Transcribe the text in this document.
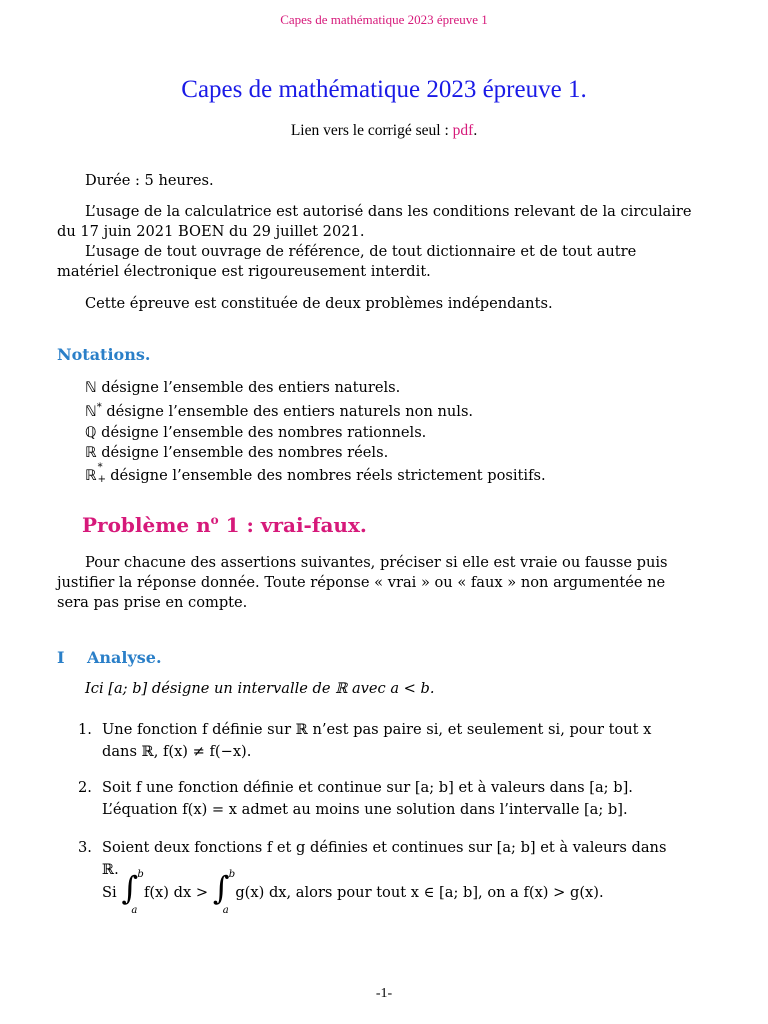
Capes de mathématique 2023 épreuve 1
Capes de mathématique 2023 épreuve 1.
Lien vers le corrigé seul : pdf.
Durée : 5 heures.
L’usage de la calculatrice est autorisé dans les conditions relevant de la circulaire
du 17 juin 2021 BOEN du 29 juillet 2021.
L’usage de tout ouvrage de référence, de tout dictionnaire et de tout autre
matériel électronique est rigoureusement interdit.
Cette épreuve est constituée de deux problèmes indépendants.
Notations.
ℕ désigne l’ensemble des entiers naturels.
ℕ* désigne l’ensemble des entiers naturels non nuls.
ℚ désigne l’ensemble des nombres rationnels.
ℝ désigne l’ensemble des nombres réels.
ℝ *
+ désigne l’ensemble des nombres réels strictement positifs.
Problème $n^o$ 1 : vrai-faux.
Pour chacune des assertions suivantes, préciser si elle est vraie ou fausse puis
justifier la réponse donnée. Toute réponse « vrai » ou « faux » non argumentée ne
sera pas prise en compte.
I Analyse.
Ici [a; b] désigne un intervalle de ℝ avec a < b.
1. Une fonction f définie sur ℝ n’est pas paire si, et seulement si, pour tout x
dans ℝ, f(x) ≠ f(−x).
2. Soit f une fonction définie et continue sur [a; b] et à valeurs dans [a; b].
L’équation f(x) = x admet au moins une solution dans l’intervalle [a; b].
3. Soient deux fonctions f et g définies et continues sur [a; b] et à valeurs dans
ℝ.
Si ∫ b
a
f(x) dx > ∫ b
a
g(x) dx, alors pour tout x ∈ [a; b], on a f(x) > g(x).
-1-
